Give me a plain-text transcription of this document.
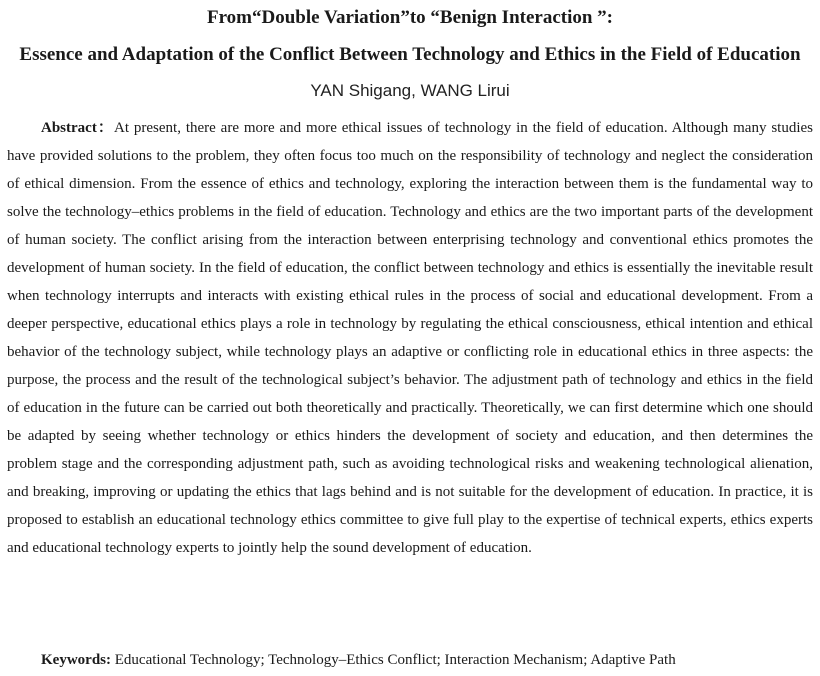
From“Double Variation”to “Benign Interaction ”:
Essence and Adaptation of the Conflict Between Technology and Ethics in the Field of Education
YAN Shigang, WANG Lirui

Abstract：At present, there are more and more ethical issues of technology in the field of education. Although many studies have provided solutions to the problem, they often focus too much on the responsibility of technology and neglect the consideration of ethical dimension. From the essence of ethics and technology, exploring the interaction between them is the fundamental way to solve the technology–ethics problems in the field of education. Technology and ethics are the two important parts of the development of human society. The conflict arising from the interaction between enterprising technology and conventional ethics promotes the development of human society. In the field of education, the conflict between technology and ethics is essentially the inevitable result when technology interrupts and interacts with existing ethical rules in the process of social and educational development. From a deeper perspective, educational ethics plays a role in technology by regulating the ethical consciousness, ethical intention and ethical behavior of the technology subject, while technology plays an adaptive or conflicting role in educational ethics in three aspects: the purpose, the process and the result of the technological subject’s behavior. The adjustment path of technology and ethics in the field of education in the future can be carried out both theoretically and practically. Theoretically, we can first determine which one should be adapted by seeing whether technology or ethics hinders the development of society and education, and then determines the problem stage and the corresponding adjustment path, such as avoiding technological risks and weakening technological alienation, and breaking, improving or updating the ethics that lags behind and is not suitable for the development of education. In practice, it is proposed to establish an educational technology ethics committee to give full play to the expertise of technical experts, ethics experts and educational technology experts to jointly help the sound development of education.

Keywords: Educational Technology; Technology–Ethics Conflict; Interaction Mechanism; Adaptive Path
